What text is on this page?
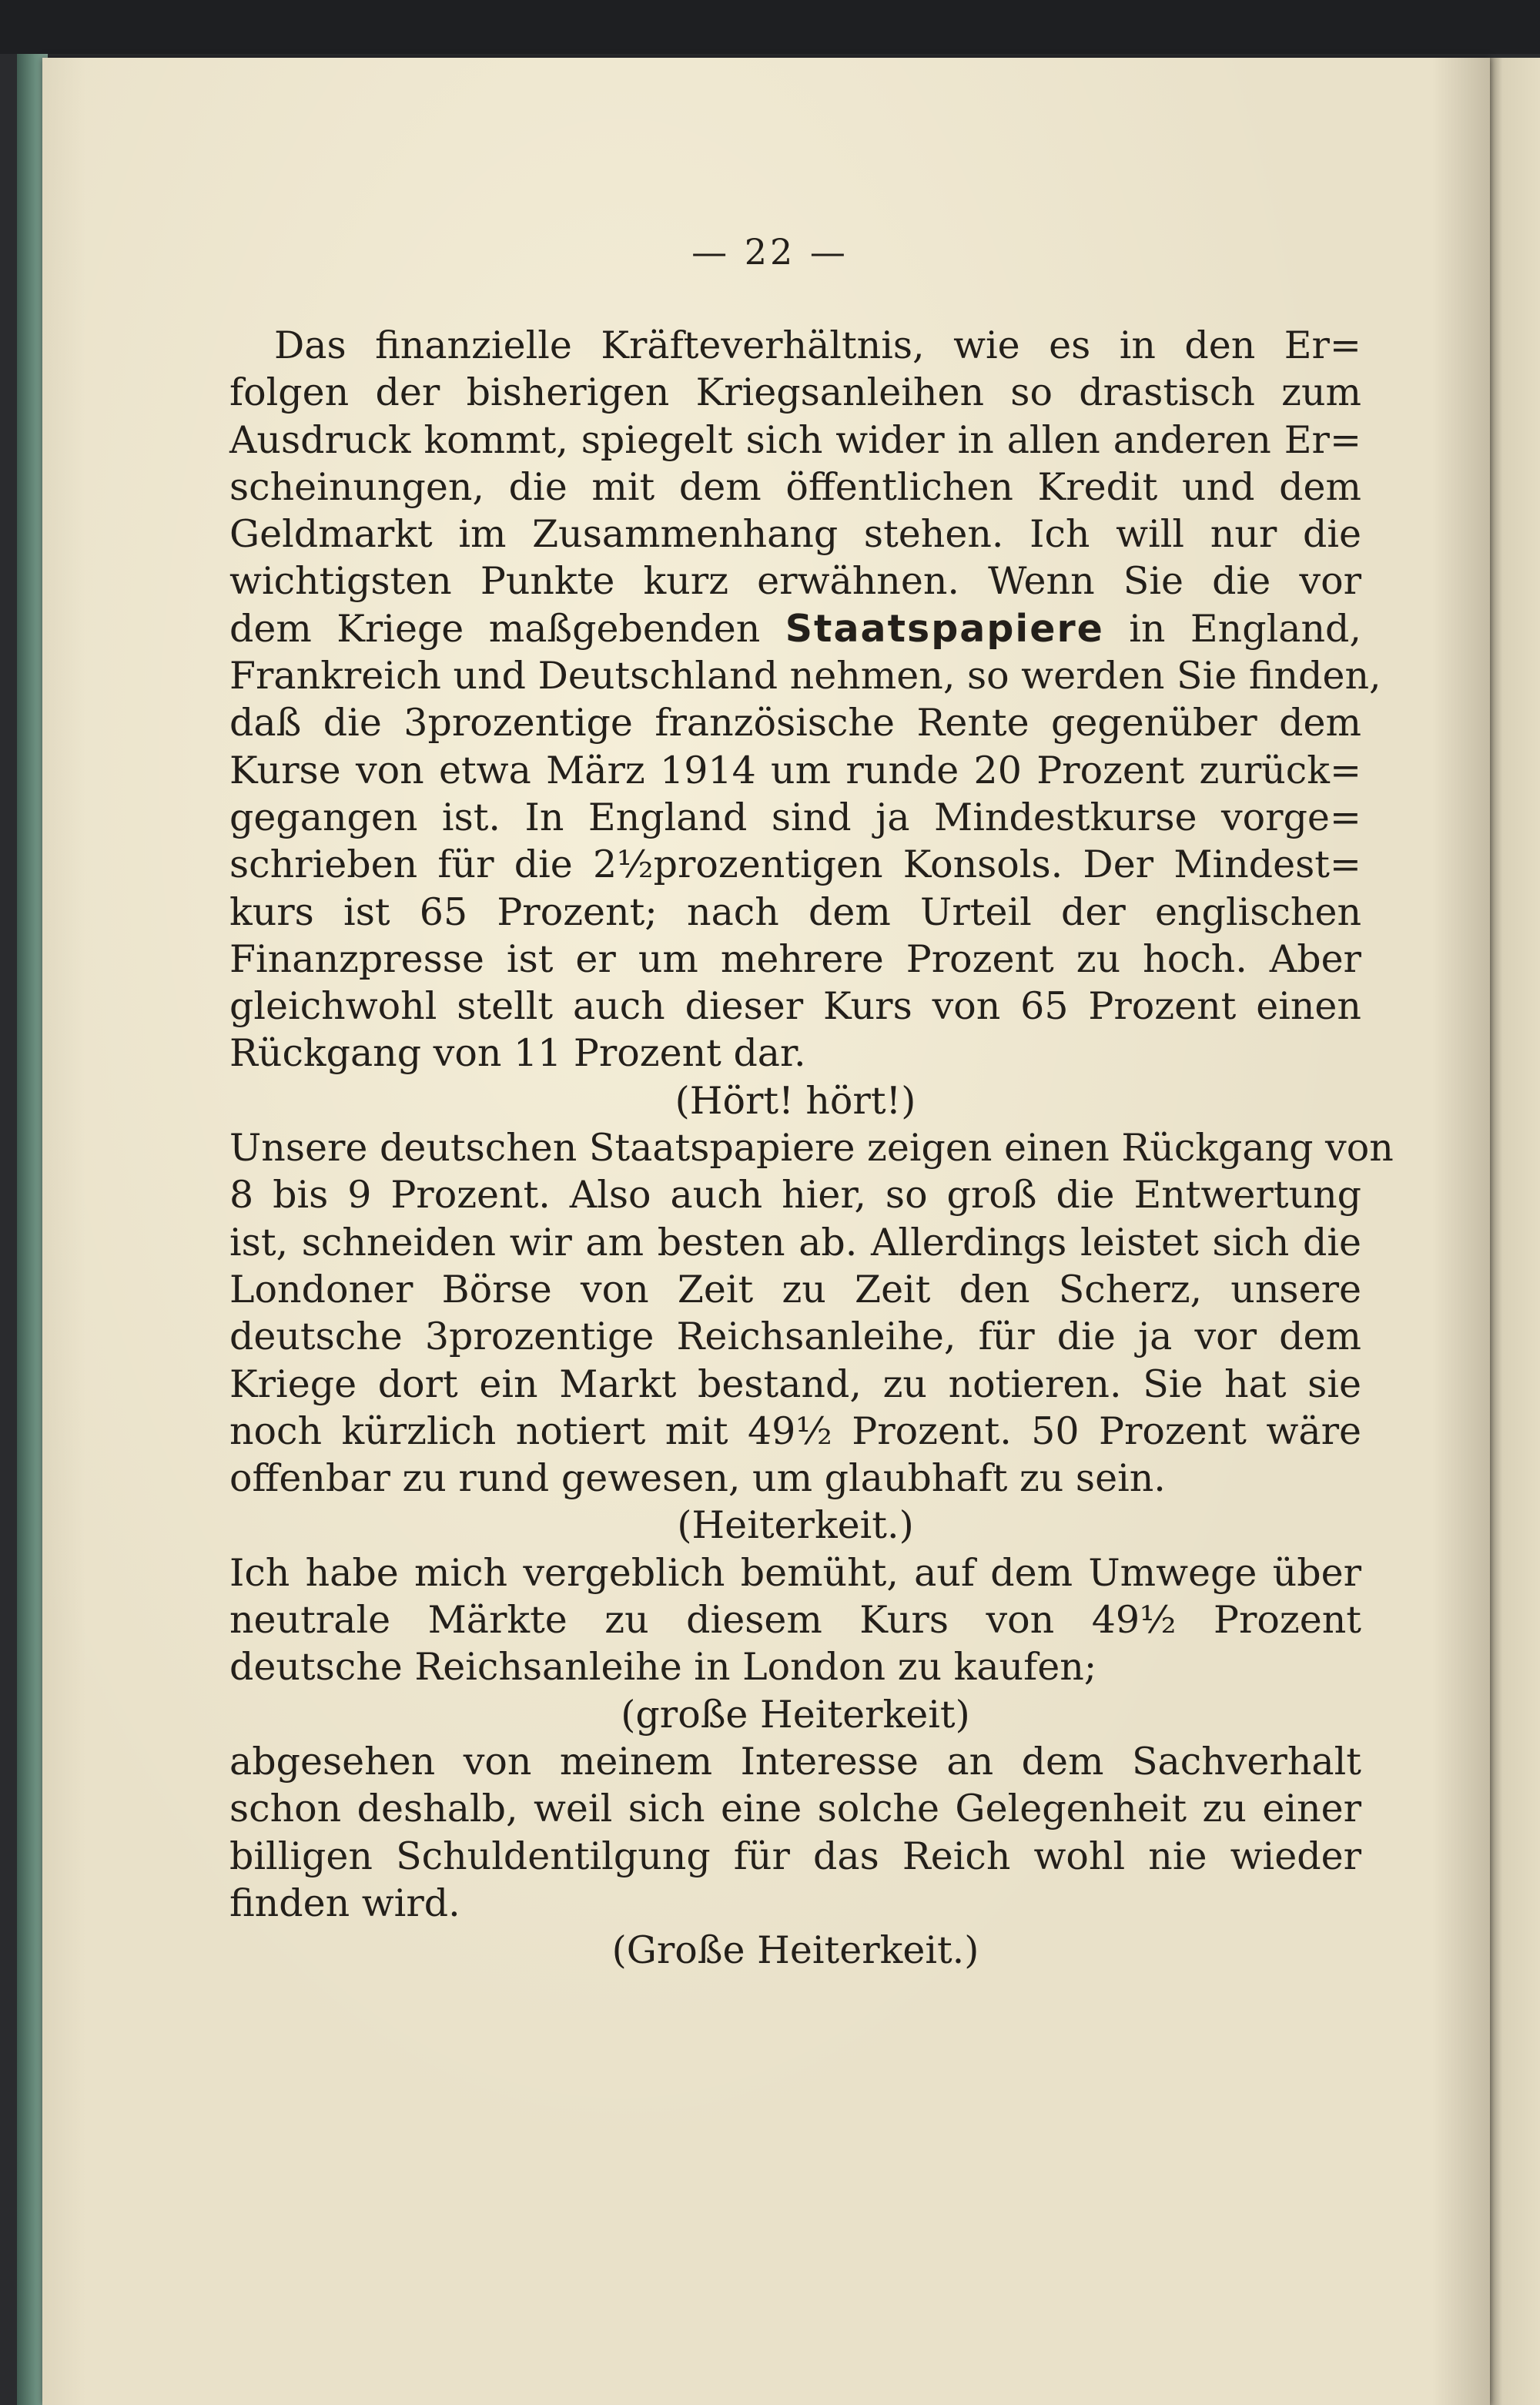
— 22 —
Das finanzielle Kräfteverhältnis, wie es in den Er=
folgen der bisherigen Kriegsanleihen so drastisch zum
Ausdruck kommt, spiegelt sich wider in allen anderen Er=
scheinungen, die mit dem öffentlichen Kredit und dem
Geldmarkt im Zusammenhang stehen. Ich will nur die
wichtigsten Punkte kurz erwähnen. Wenn Sie die vor
dem Kriege maßgebenden Staatspapiere in England,
Frankreich und Deutschland nehmen, so werden Sie finden,
daß die 3prozentige französische Rente gegenüber dem
Kurse von etwa März 1914 um runde 20 Prozent zurück=
gegangen ist. In England sind ja Mindestkurse vorge=
schrieben für die 2½prozentigen Konsols. Der Mindest=
kurs ist 65 Prozent; nach dem Urteil der englischen
Finanzpresse ist er um mehrere Prozent zu hoch. Aber
gleichwohl stellt auch dieser Kurs von 65 Prozent einen
Rückgang von 11 Prozent dar.
(Hört! hört!)
Unsere deutschen Staatspapiere zeigen einen Rückgang von
8 bis 9 Prozent. Also auch hier, so groß die Entwertung
ist, schneiden wir am besten ab. Allerdings leistet sich die
Londoner Börse von Zeit zu Zeit den Scherz, unsere
deutsche 3prozentige Reichsanleihe, für die ja vor dem
Kriege dort ein Markt bestand, zu notieren. Sie hat sie
noch kürzlich notiert mit 49½ Prozent. 50 Prozent wäre
offenbar zu rund gewesen, um glaubhaft zu sein.
(Heiterkeit.)
Ich habe mich vergeblich bemüht, auf dem Umwege über
neutrale Märkte zu diesem Kurs von 49½ Prozent
deutsche Reichsanleihe in London zu kaufen;
(große Heiterkeit)
abgesehen von meinem Interesse an dem Sachverhalt
schon deshalb, weil sich eine solche Gelegenheit zu einer
billigen Schuldentilgung für das Reich wohl nie wieder
finden wird.
(Große Heiterkeit.)
